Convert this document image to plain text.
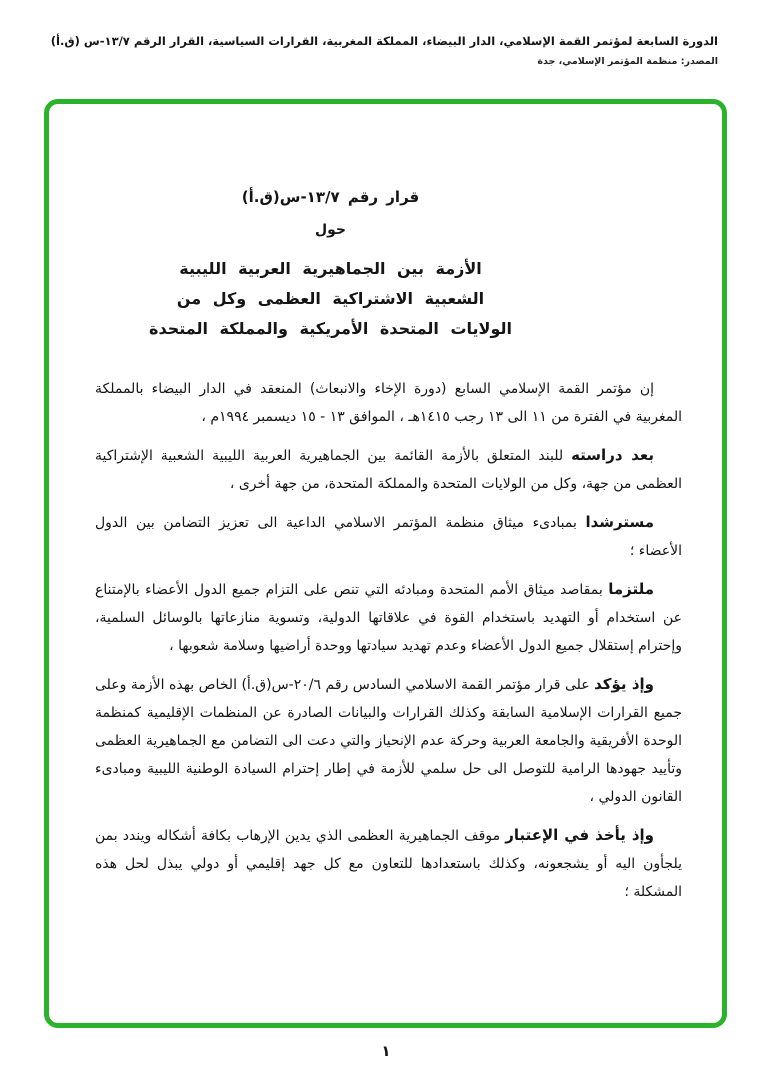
الدورة السابعة لمؤتمر القمة الإسلامي، الدار البيضاء، المملكة المغربية، القرارات السياسية، القرار الرقم ١٣/٧-س (ق.أ)
المصدر: منظمة المؤتمر الإسلامي، جدة
قرار رقم ١٣/٧-س(ق.أ)
حول
الأزمة بين الجماهيرية العربية الليبية
الشعبية الاشتراكية العظمى وكل من
الولايات المتحدة الأمريكية والمملكة المتحدة

إن مؤتمر القمة الإسلامي السابع (دورة الإخاء والانبعاث) المنعقد في الدار البيضاء بالمملكة المغربية في الفترة من ١١ الى ١٣ رجب ١٤١٥هـ ، الموافق ١٣ - ١٥ ديسمبر ١٩٩٤م ،

بعد دراسته للبند المتعلق بالأزمة القائمة بين الجماهيرية العربية الليبية الشعبية الإشتراكية العظمى من جهة، وكل من الولايات المتحدة والمملكة المتحدة، من جهة أخرى ،

مسترشدا بمبادىء ميثاق منظمة المؤتمر الاسلامي الداعية الى تعزيز التضامن بين الدول الأعضاء ؛

ملتزما بمقاصد ميثاق الأمم المتحدة ومبادئه التي تنص على التزام جميع الدول الأعضاء بالإمتناع عن استخدام أو التهديد باستخدام القوة في علاقاتها الدولية، وتسوية منازعاتها بالوسائل السلمية، وإحترام إستقلال جميع الدول الأعضاء وعدم تهديد سيادتها ووحدة أراضيها وسلامة شعوبها ،

وإذ يؤكد على قرار مؤتمر القمة الاسلامي السادس رقم ٢٠/٦-س(ق.أ) الخاص بهذه الأزمة وعلى جميع القرارات الإسلامية السابقة وكذلك القرارات والبيانات الصادرة عن المنظمات الإقليمية كمنظمة الوحدة الأفريقية والجامعة العربية وحركة عدم الإنحياز والتي دعت الى التضامن مع الجماهيرية العظمى وتأييد جهودها الرامية للتوصل الى حل سلمي للأزمة في إطار إحترام السيادة الوطنية الليبية ومبادىء القانون الدولي ،

وإذ يأخذ في الإعتبار موقف الجماهيرية العظمى الذي يدين الإرهاب بكافة أشكاله ويندد بمن يلجأون اليه أو يشجعونه، وكذلك باستعدادها للتعاون مع كل جهد إقليمي أو دولي يبذل لحل هذه المشكلة ؛

١
